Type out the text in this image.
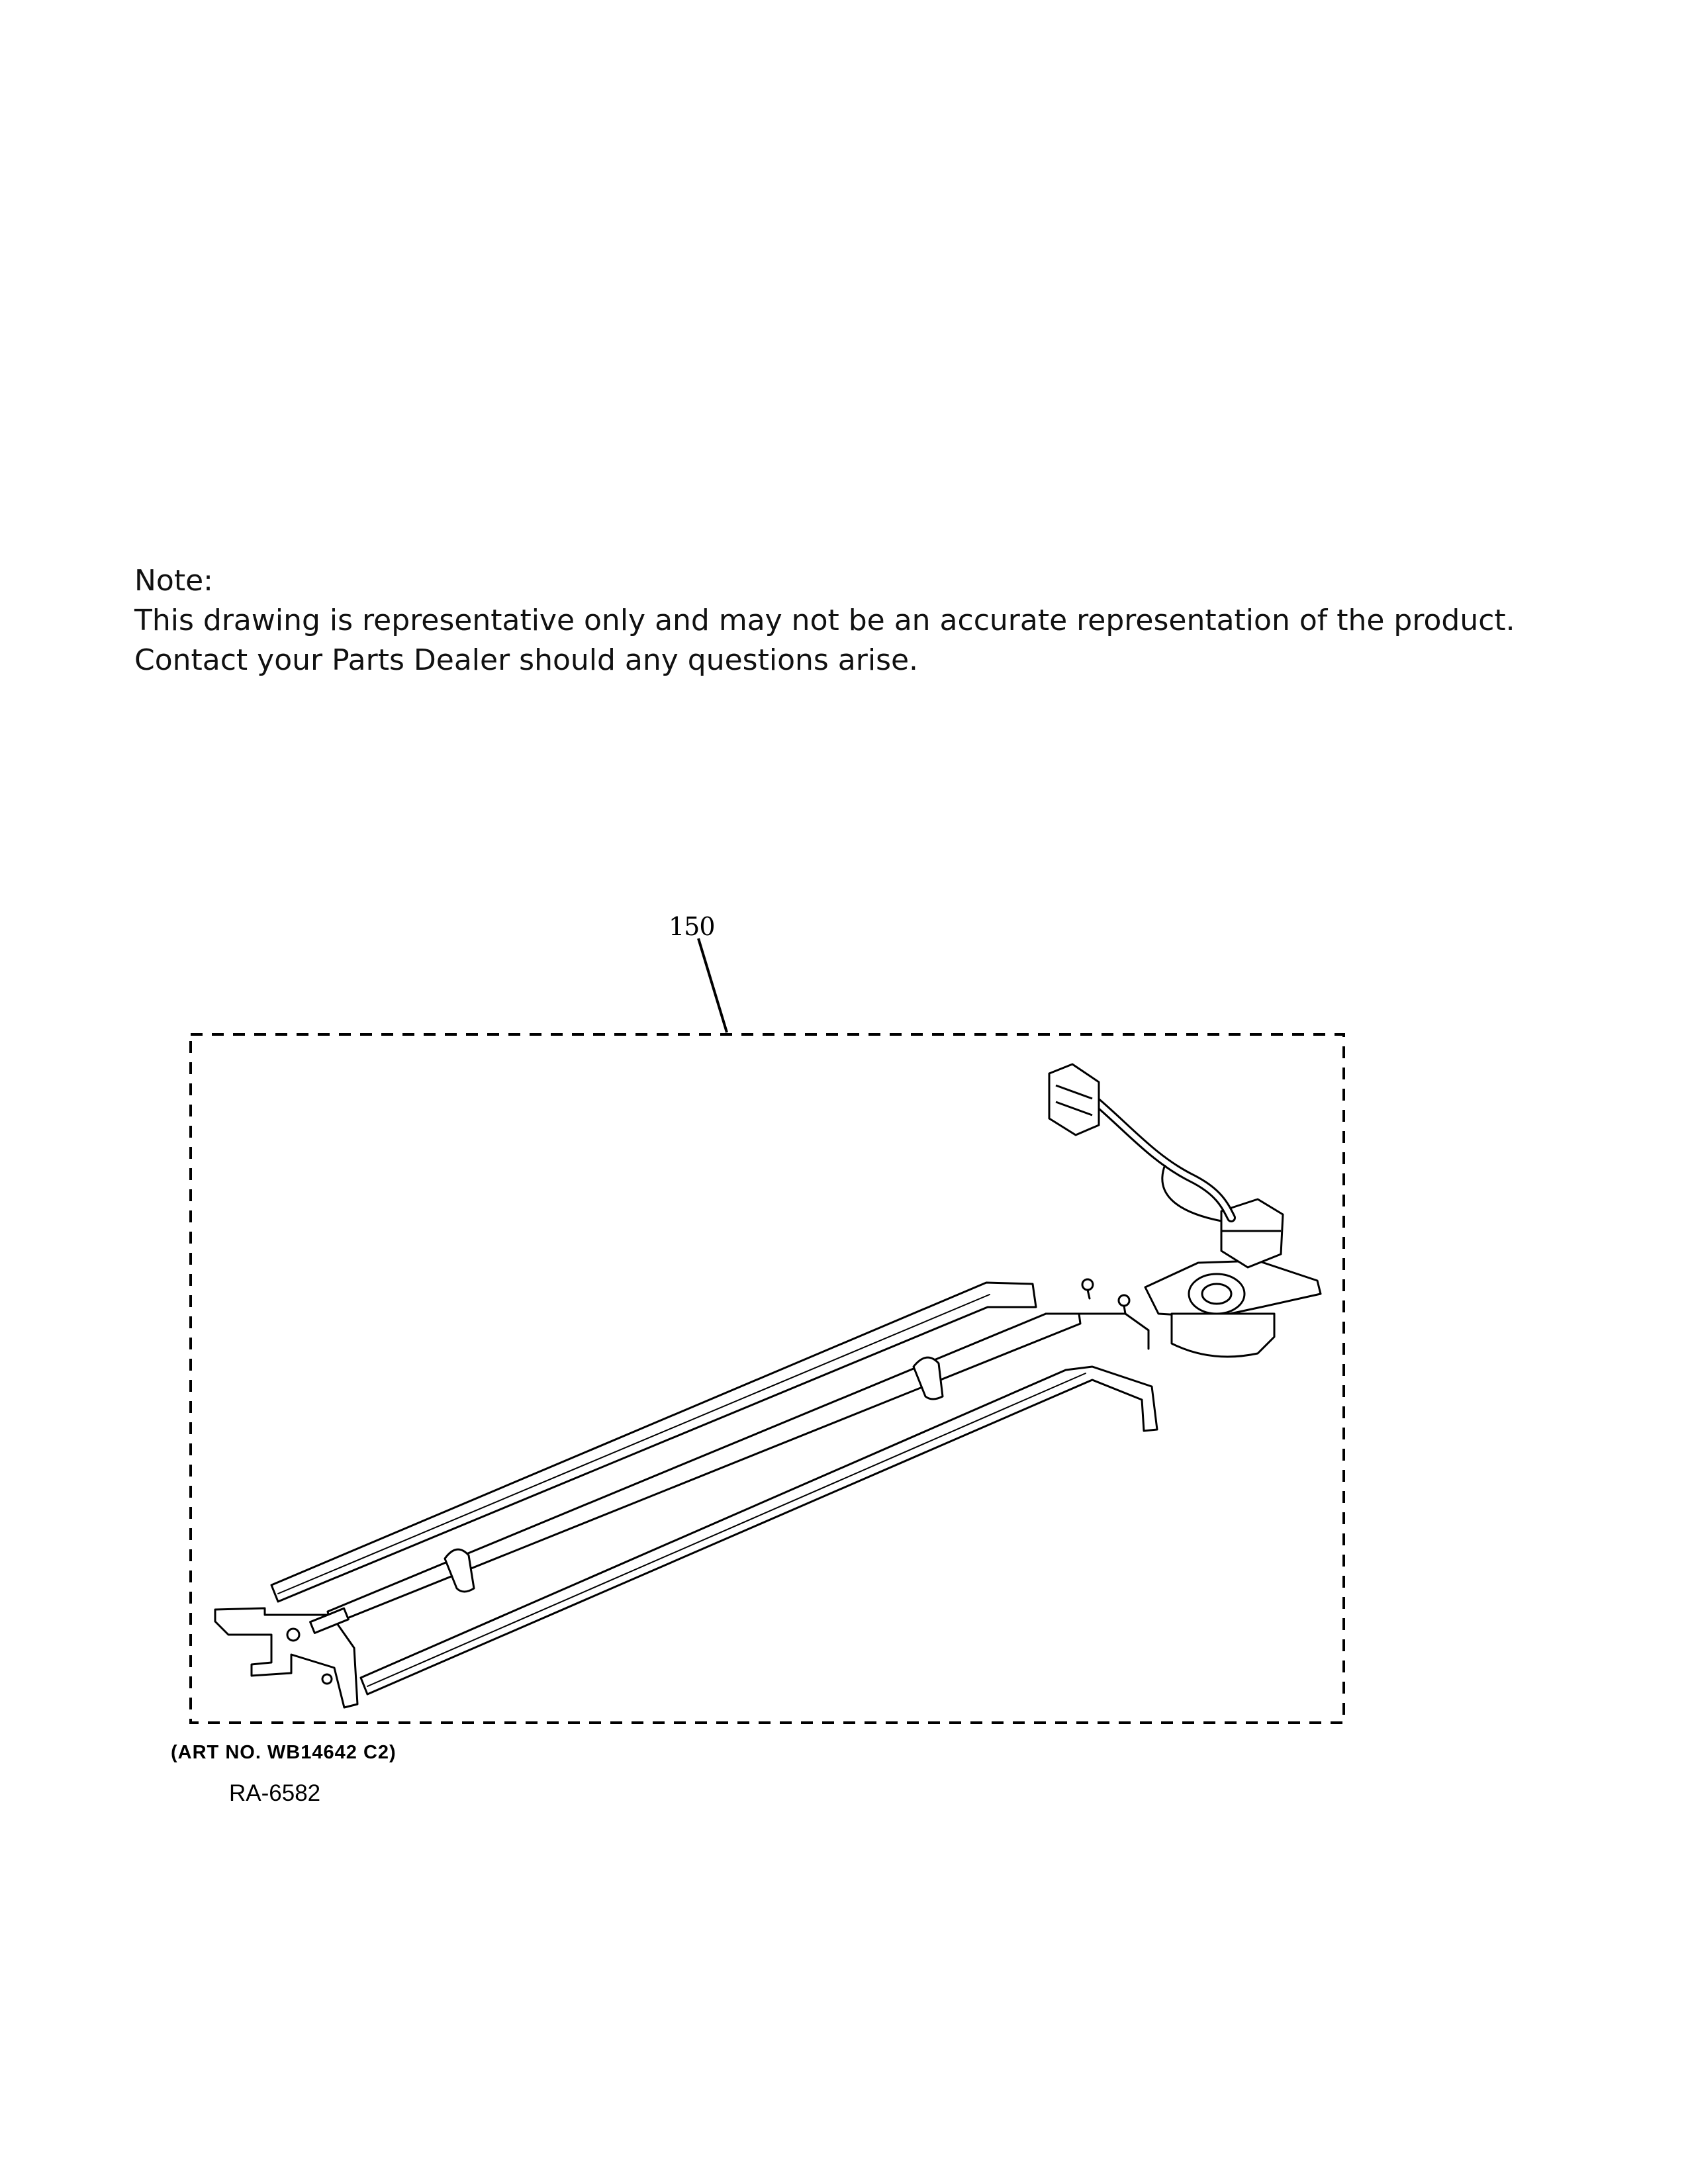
Note:
This drawing is representative only and may not be an accurate representation of the product.
Contact your Parts Dealer should any questions arise.
150
(ART NO. WB14642 C2)
RA-6582
